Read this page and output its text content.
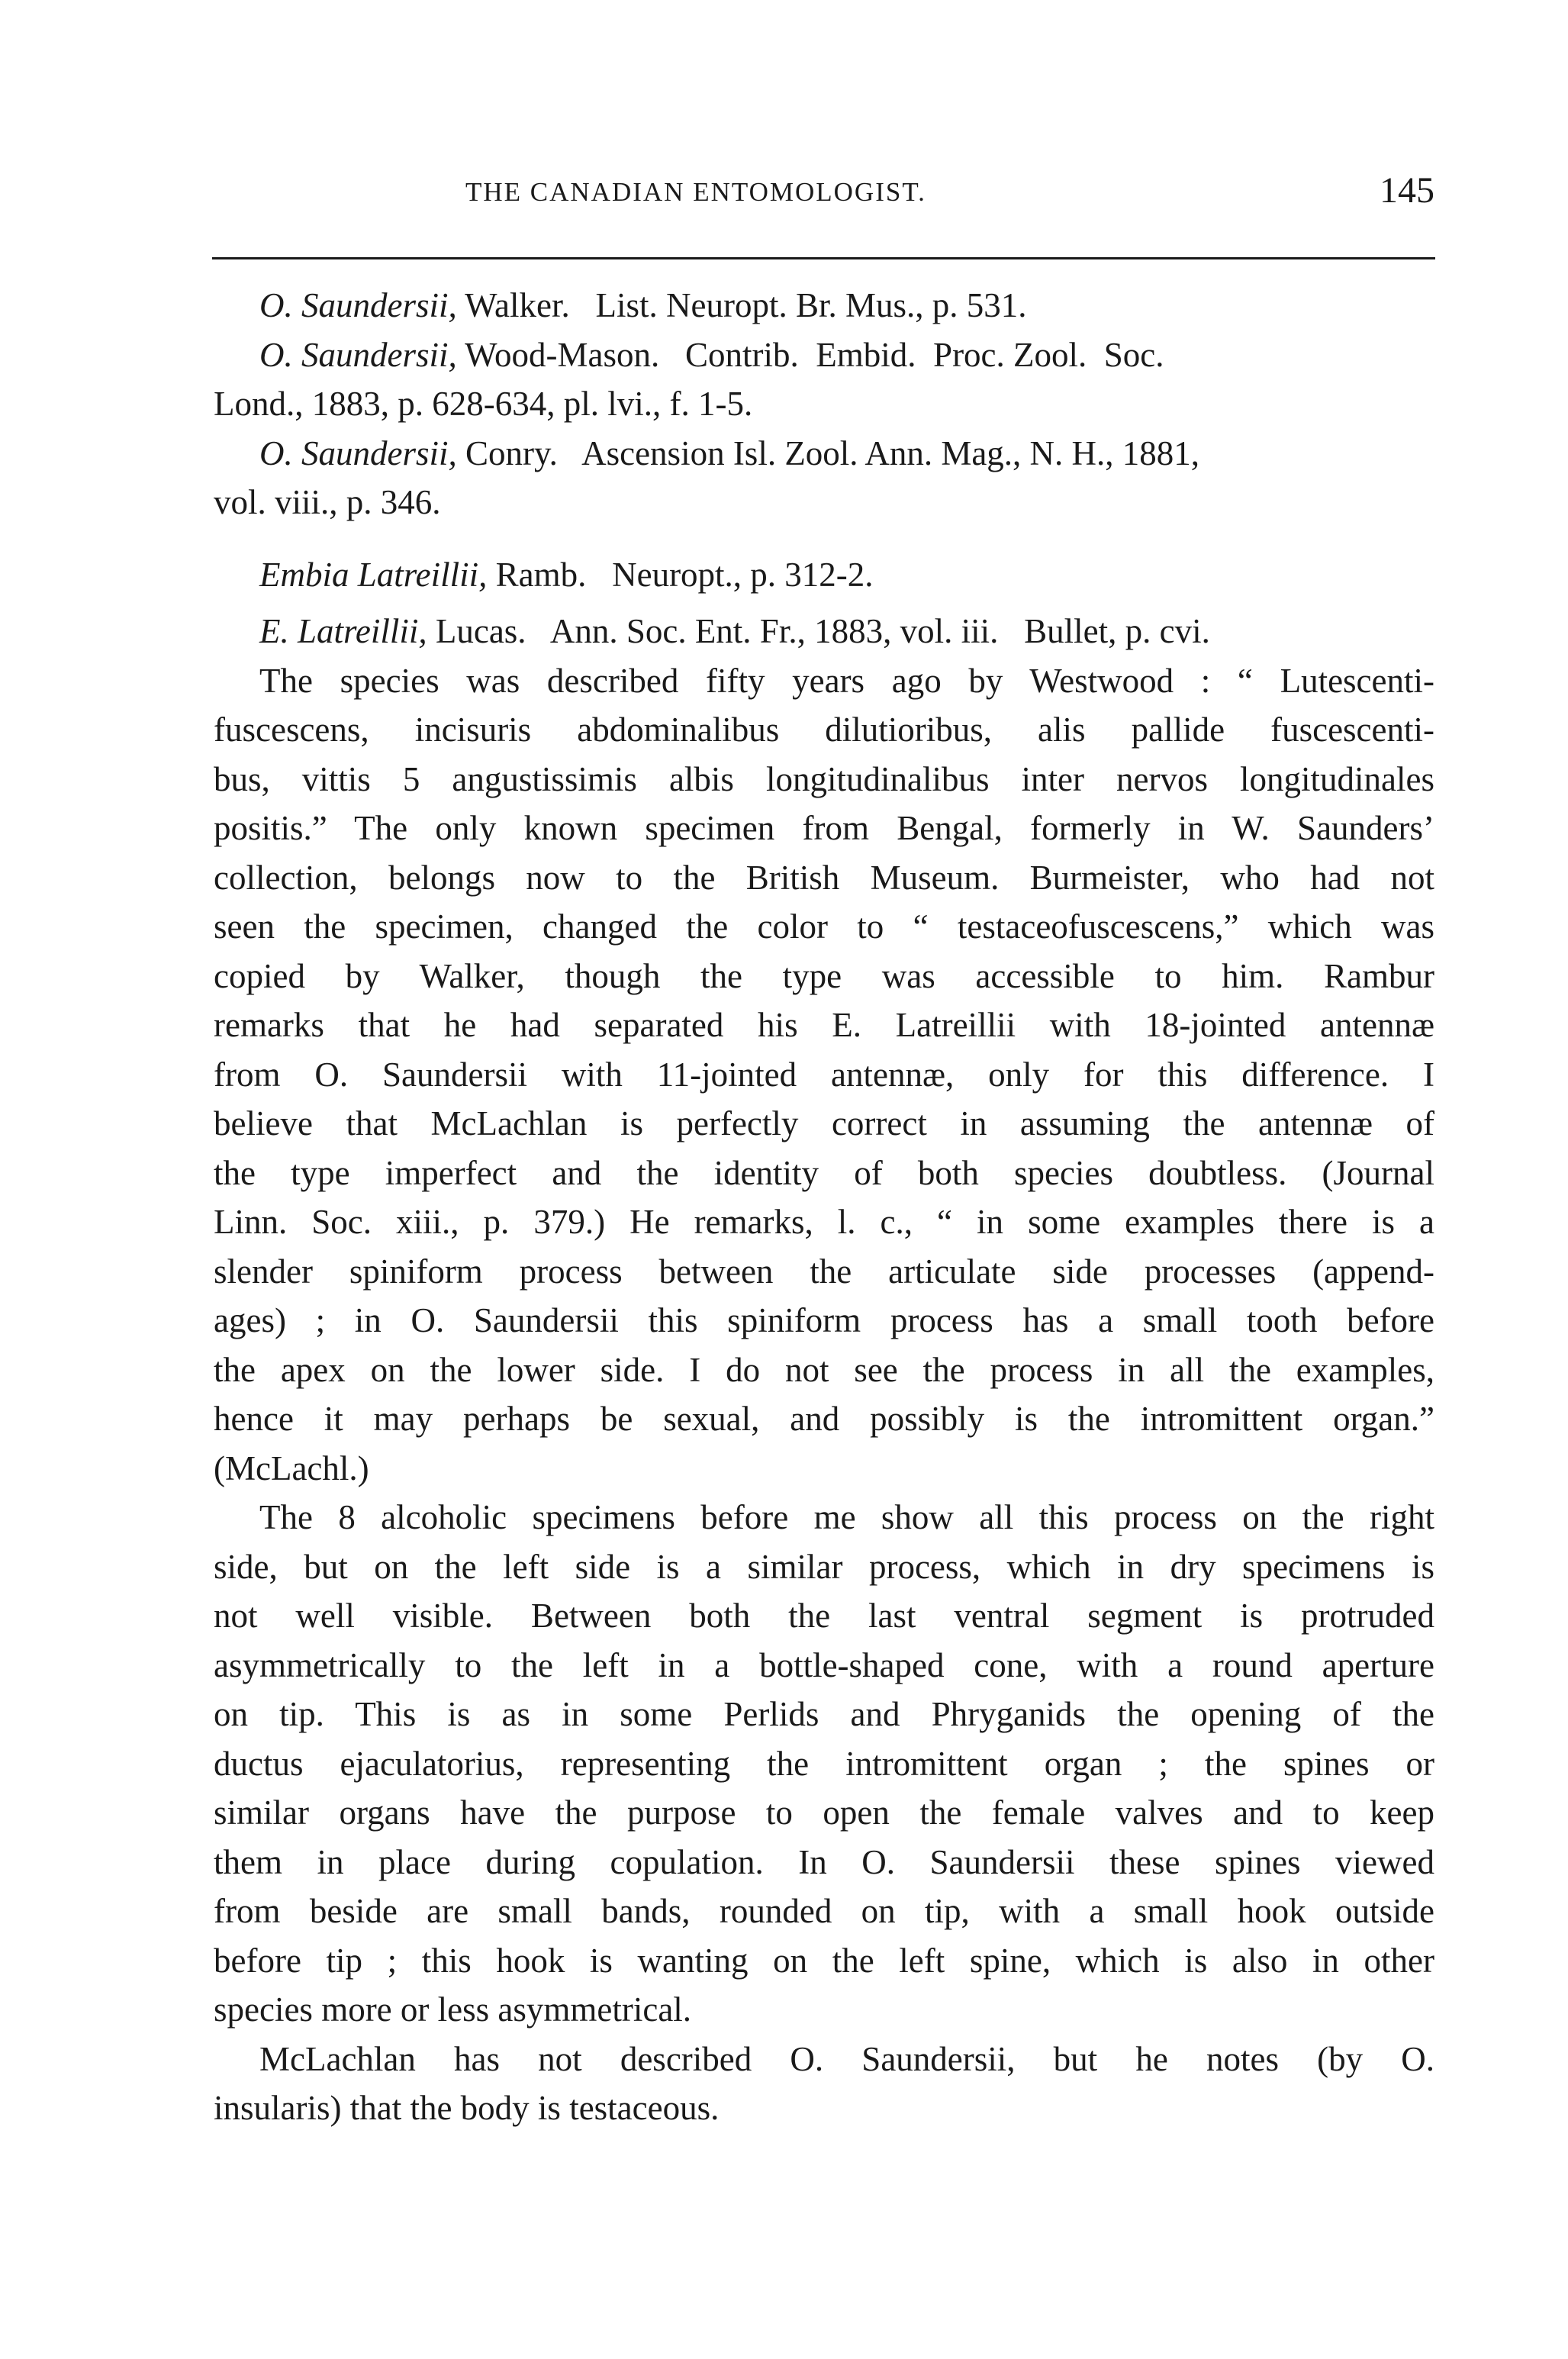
THE CANADIAN ENTOMOLOGIST.	145
O. Saundersii, Walker.   List. Neuropt. Br. Mus., p. 531.
O. Saundersii, Wood-Mason.   Contrib.  Embid.  Proc. Zool.  Soc.
Lond., 1883, p. 628-634, pl. lvi., f. 1-5.
O. Saundersii, Conry.   Ascension Isl. Zool. Ann. Mag., N. H., 1881,
vol. viii., p. 346.
Embia Latreillii, Ramb.   Neuropt., p. 312-2.
E. Latreillii, Lucas.   Ann. Soc. Ent. Fr., 1883, vol. iii.   Bullet, p. cvi.
The species was described fifty years ago by Westwood : “ Lutescenti-
fuscescens, incisuris abdominalibus dilutioribus, alis pallide fuscescenti-
bus, vittis 5 angustissimis albis longitudinalibus inter nervos longitudinales
positis.” The only known specimen from Bengal, formerly in W. Saunders’
collection, belongs now to the British Museum. Burmeister, who had not
seen the specimen, changed the color to “ testaceofuscescens,” which was
copied by Walker, though the type was accessible to him. Rambur
remarks that he had separated his E. Latreillii with 18-jointed antennæ
from O. Saundersii with 11-jointed antennæ, only for this difference. I
believe that McLachlan is perfectly correct in assuming the antennæ of
the type imperfect and the identity of both species doubtless. (Journal
Linn. Soc. xiii., p. 379.) He remarks, l. c., “ in some examples there is a
slender spiniform process between the articulate side processes (append-
ages) ; in O. Saundersii this spiniform process has a small tooth before
the apex on the lower side. I do not see the process in all the examples,
hence it may perhaps be sexual, and possibly is the intromittent organ.”
(McLachl.)
The 8 alcoholic specimens before me show all this process on the right
side, but on the left side is a similar process, which in dry specimens is
not well visible. Between both the last ventral segment is protruded
asymmetrically to the left in a bottle-shaped cone, with a round aperture
on tip. This is as in some Perlids and Phryganids the opening of the
ductus ejaculatorius, representing the intromittent organ ; the spines or
similar organs have the purpose to open the female valves and to keep
them in place during copulation. In O. Saundersii these spines viewed
from beside are small bands, rounded on tip, with a small hook outside
before tip ; this hook is wanting on the left spine, which is also in other
species more or less asymmetrical.
McLachlan has not described O. Saundersii, but he notes (by O.
insularis) that the body is testaceous.
